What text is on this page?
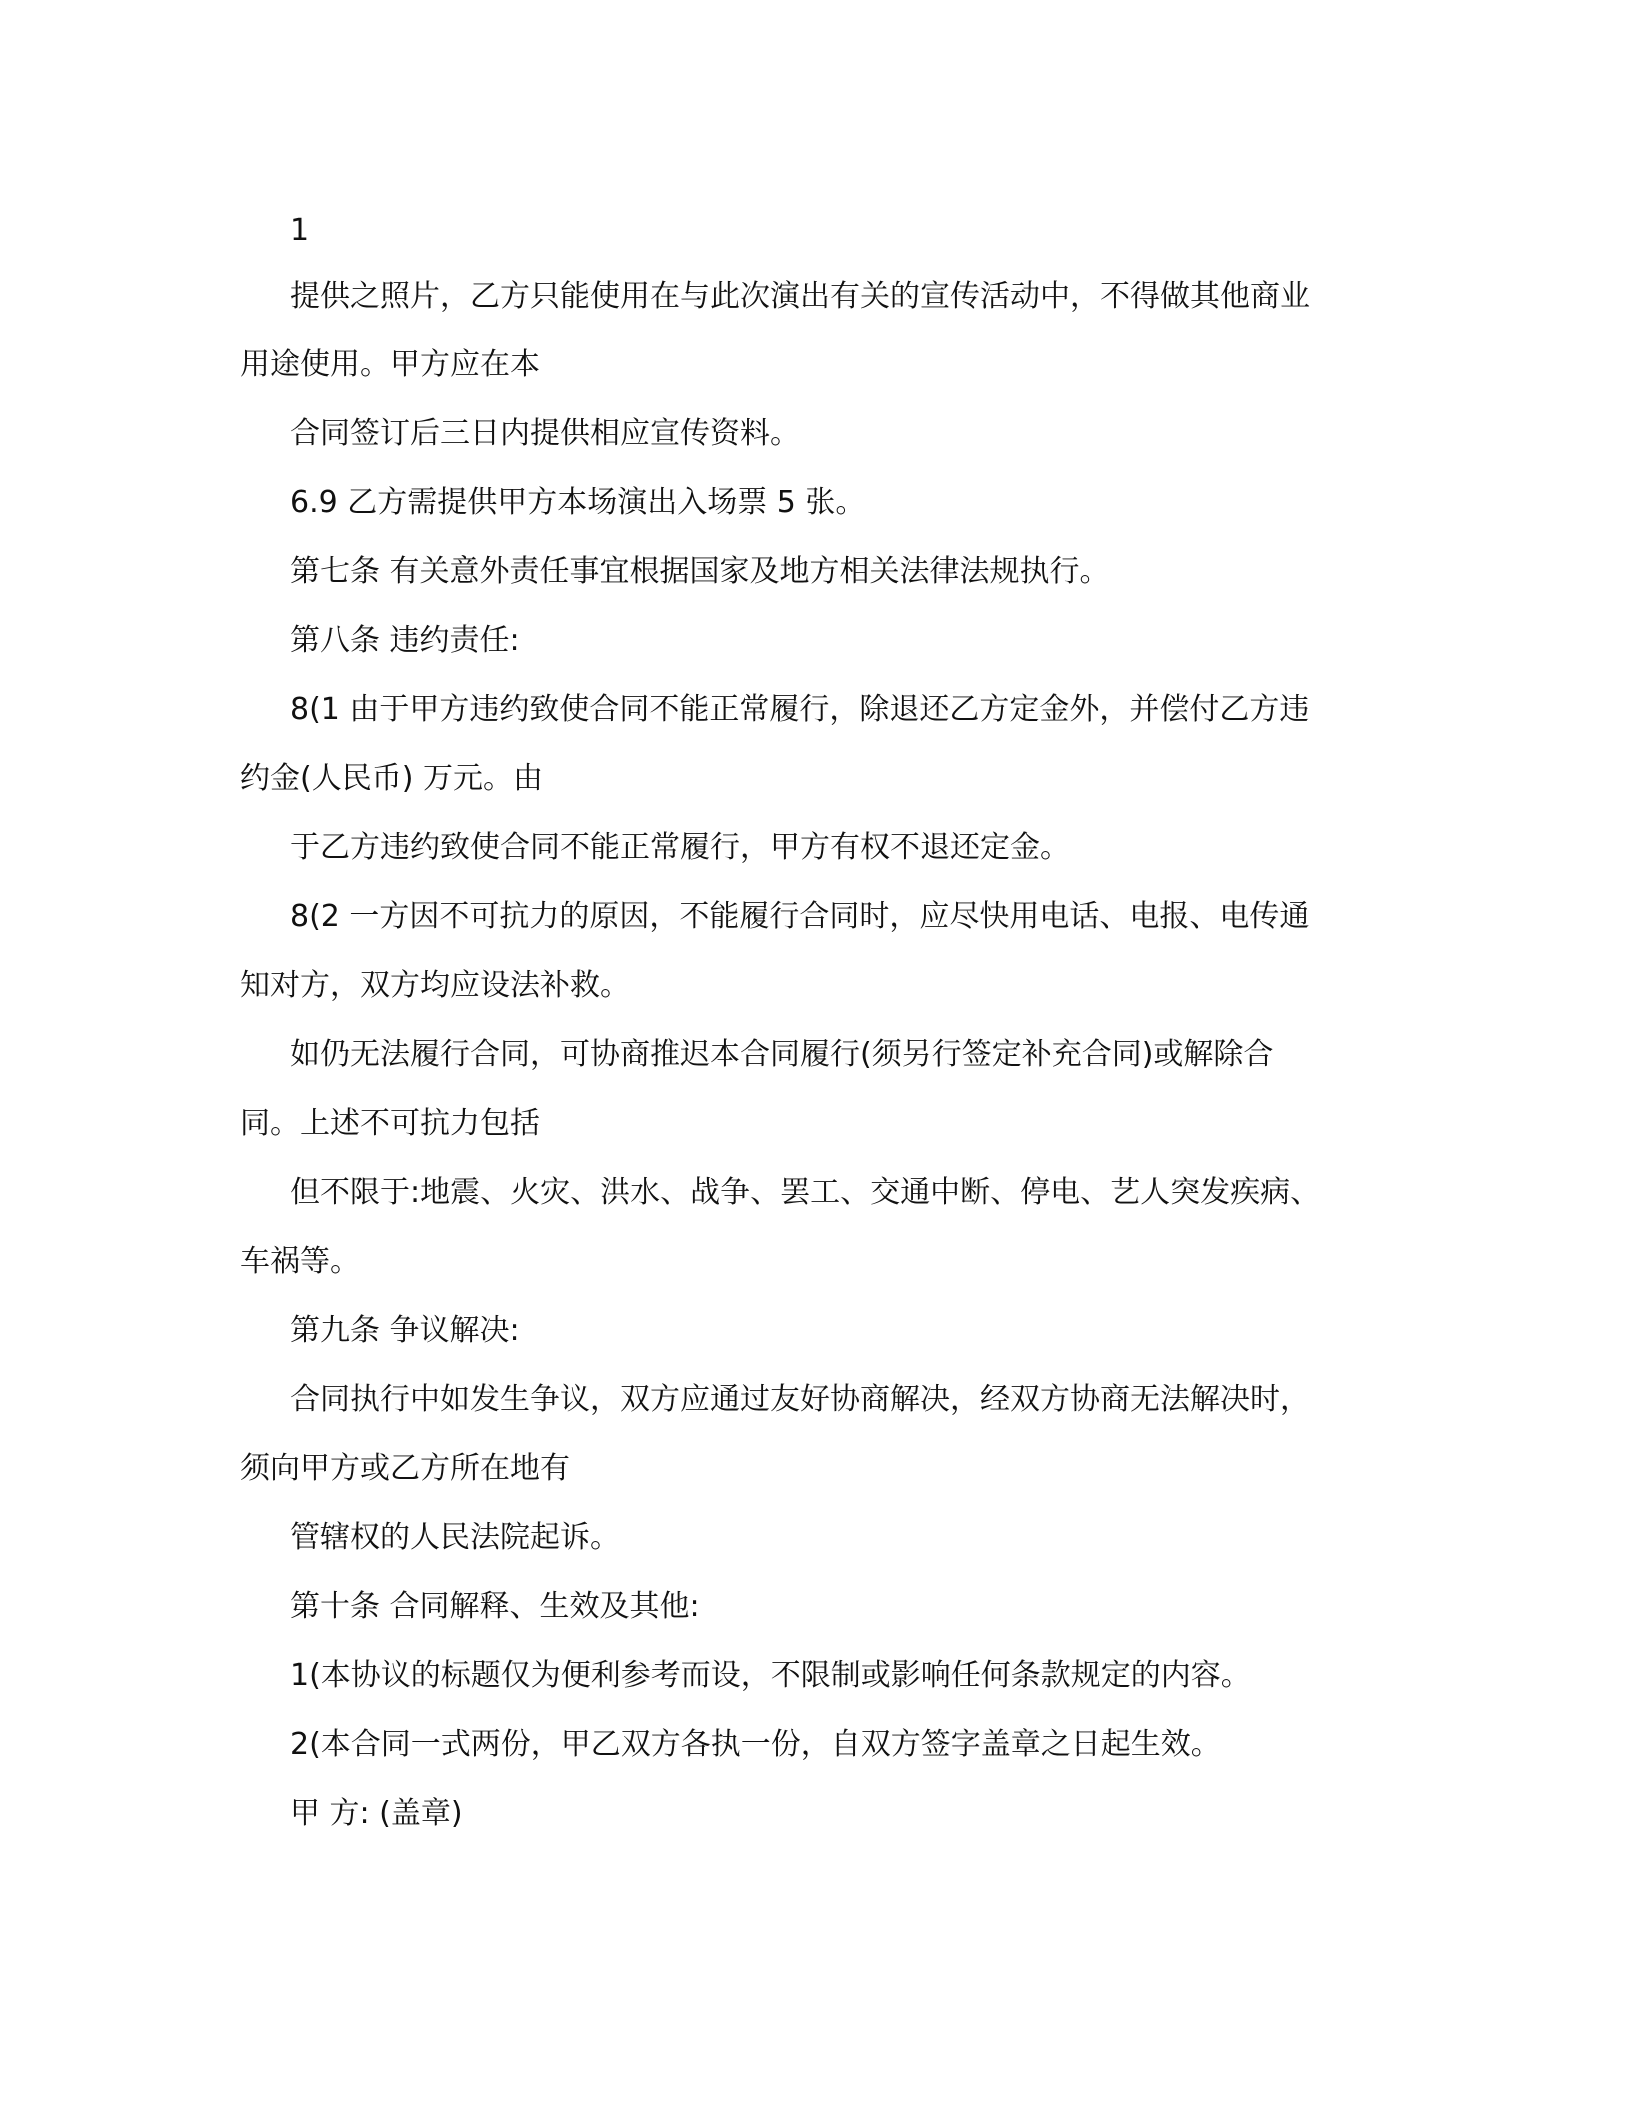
1
提供之照片，乙方只能使用在与此次演出有关的宣传活动中，不得做其他商业
用途使用。甲方应在本
合同签订后三日内提供相应宣传资料。
6.9 乙方需提供甲方本场演出入场票 5 张。
第七条 有关意外责任事宜根据国家及地方相关法律法规执行。
第八条 违约责任:
8(1 由于甲方违约致使合同不能正常履行，除退还乙方定金外，并偿付乙方违
约金(人民币) 万元。由
于乙方违约致使合同不能正常履行，甲方有权不退还定金。
8(2 一方因不可抗力的原因，不能履行合同时，应尽快用电话、电报、电传通
知对方，双方均应设法补救。
如仍无法履行合同，可协商推迟本合同履行(须另行签定补充合同)或解除合
同。上述不可抗力包括
但不限于:地震、火灾、洪水、战争、罢工、交通中断、停电、艺人突发疾病、
车祸等。
第九条 争议解决:
合同执行中如发生争议，双方应通过友好协商解决，经双方协商无法解决时，
须向甲方或乙方所在地有
管辖权的人民法院起诉。
第十条 合同解释、生效及其他:
1(本协议的标题仅为便利参考而设，不限制或影响任何条款规定的内容。
2(本合同一式两份，甲乙双方各执一份，自双方签字盖章之日起生效。
甲 方: (盖章)
